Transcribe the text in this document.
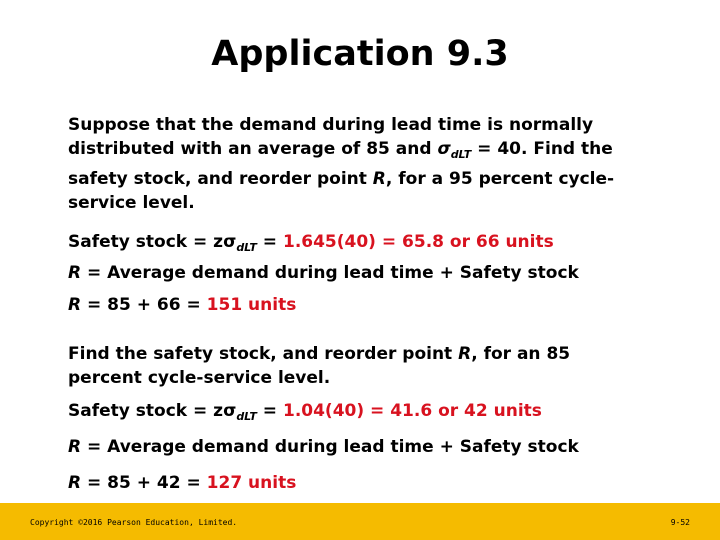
Application 9.3
Suppose that the demand during lead time is normally distributed with an average of 85 and $\sigma_{dLT} = 40$. Find the safety stock, and reorder point R, for a 95 percent cycle-service level.
Safety stock = $z\sigma_{dLT} = 1.645(40) = 65.8$ or 66 units
R = Average demand during lead time + Safety stock
R = 85 + 66 = 151 units
Find the safety stock, and reorder point R, for an 85 percent cycle-service level.
Safety stock = $z\sigma_{dLT} = 1.04(40) = 41.6$ or 42 units
R = Average demand during lead time + Safety stock
R = 85 + 42 = 127 units
Copyright ©2016 Pearson Education, Limited.	9-52
